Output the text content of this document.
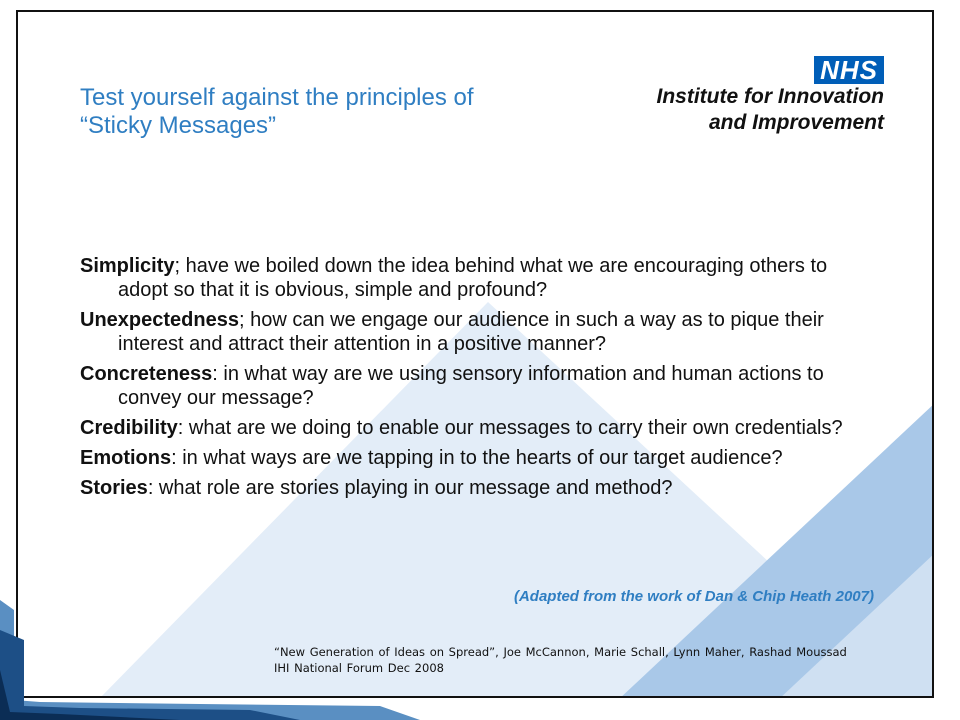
Test yourself against the principles of
“Sticky Messages”
NHS
Institute for Innovation
and Improvement
Simplicity; have we boiled down the idea behind what we are encouraging others to adopt so that it is obvious, simple and profound?
Unexpectedness; how can we engage our audience in such a way as to pique their interest and attract their attention in a positive manner?
Concreteness: in what way are we using sensory information and human actions to convey our message?
Credibility: what are we doing to enable our messages to carry their own credentials?
Emotions: in what ways are we tapping in to the hearts of our target audience?
Stories: what role are stories playing in our message and method?
(Adapted from the work of Dan & Chip Heath 2007)
“New Generation of Ideas on Spread”, Joe McCannon, Marie Schall, Lynn Maher, Rashad Moussad
IHI National Forum Dec 2008
